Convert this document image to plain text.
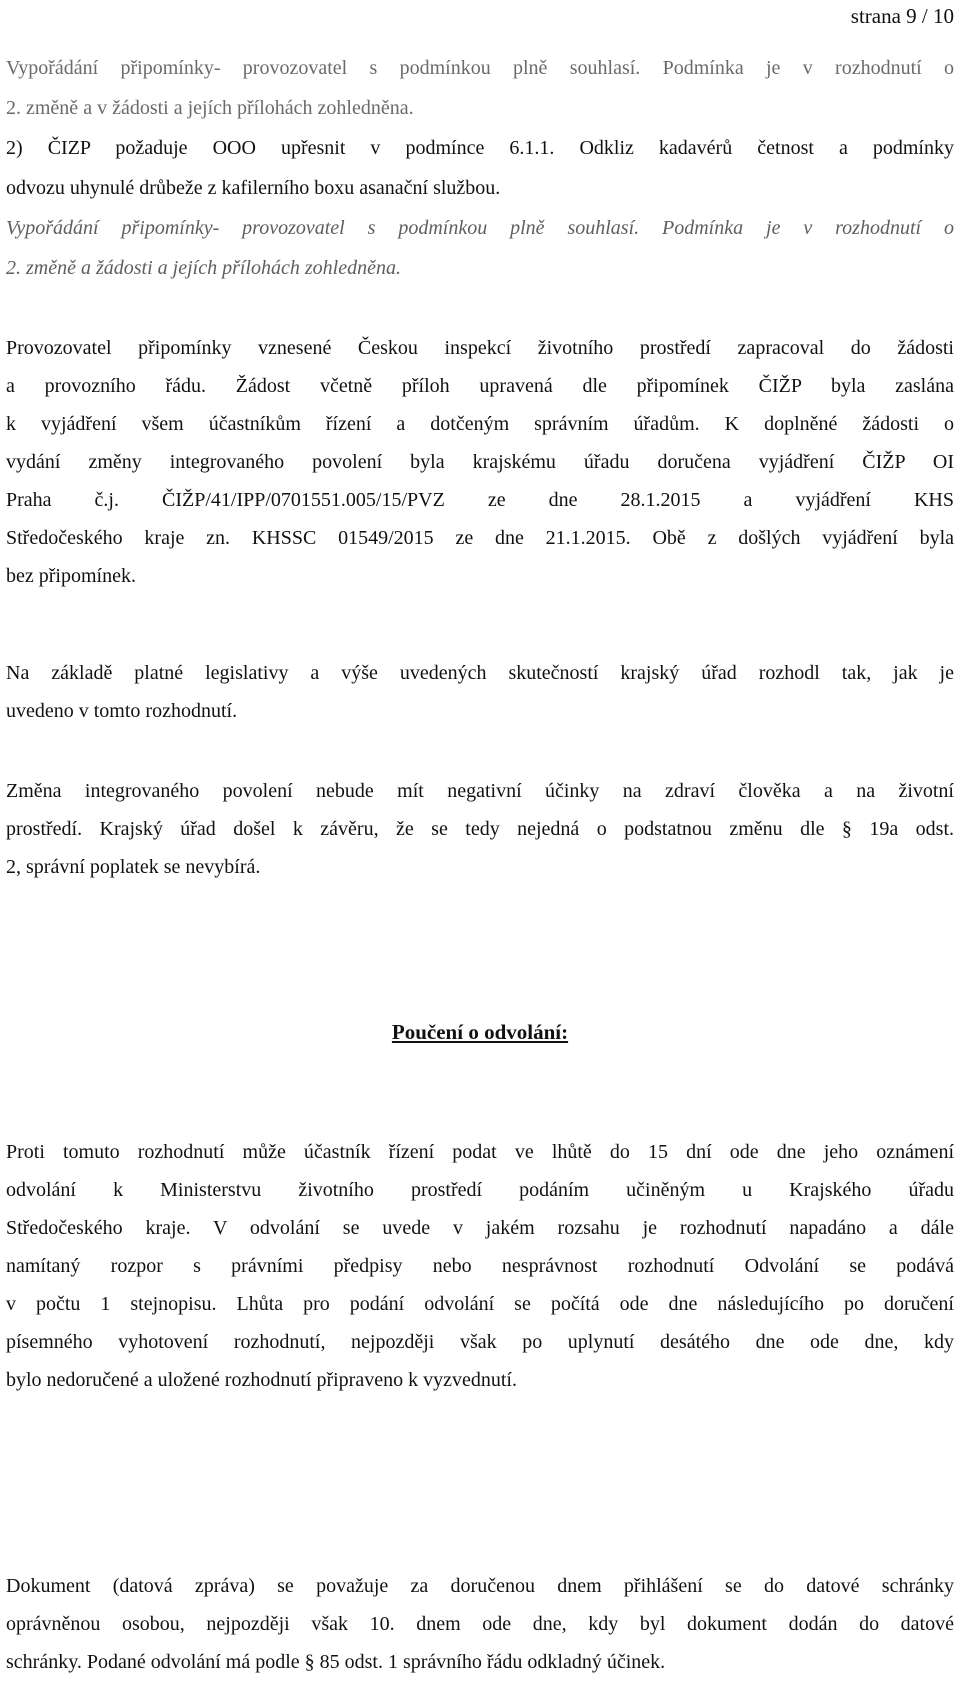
strana 9 / 10
Vypořádání připomínky- provozovatel s podmínkou plně souhlasí. Podmínka je v rozhodnutí o
2. změně a v žádosti a jejích přílohách zohledněna.
2) ČIZP požaduje OOO upřesnit v podmínce 6.1.1. Odkliz kadavérů četnost a podmínky
odvozu uhynulé drůbeže z kafilerního boxu asanační službou.
Vypořádání připomínky- provozovatel s podmínkou plně souhlasí. Podmínka je v rozhodnutí o
2. změně a žádosti a jejích přílohách zohledněna.
Provozovatel připomínky vznesené Českou inspekcí životního prostředí zapracoval do žádosti
a provozního řádu. Žádost včetně příloh upravená dle připomínek ČIŽP byla zaslána
k vyjádření všem účastníkům řízení a dotčeným správním úřadům. K doplněné žádosti o
vydání změny integrovaného povolení byla krajskému úřadu doručena vyjádření ČIŽP OI
Praha č.j. ČIŽP/41/IPP/0701551.005/15/PVZ ze dne 28.1.2015 a vyjádření KHS
Středočeského kraje zn. KHSSC 01549/2015 ze dne 21.1.2015. Obě z došlých vyjádření byla
bez připomínek.
Na základě platné legislativy a výše uvedených skutečností krajský úřad rozhodl tak, jak je
uvedeno v tomto rozhodnutí.
Změna integrovaného povolení nebude mít negativní účinky na zdraví člověka a na životní
prostředí. Krajský úřad došel k závěru, že se tedy nejedná o podstatnou změnu dle § 19a odst.
2, správní poplatek se nevybírá.
Poučení o odvolání:
Proti tomuto rozhodnutí může účastník řízení podat ve lhůtě do 15 dní ode dne jeho oznámení
odvolání k Ministerstvu životního prostředí podáním učiněným u Krajského úřadu
Středočeského kraje. V odvolání se uvede v jakém rozsahu je rozhodnutí napadáno a dále
namítaný rozpor s právními předpisy nebo nesprávnost rozhodnutí Odvolání se podává
v počtu 1 stejnopisu. Lhůta pro podání odvolání se počítá ode dne následujícího po doručení
písemného vyhotovení rozhodnutí, nejpozději však po uplynutí desátého dne ode dne, kdy
bylo nedoručené a uložené rozhodnutí připraveno k vyzvednutí.
Dokument (datová zpráva) se považuje za doručenou dnem přihlášení se do datové schránky
oprávněnou osobou, nejpozději však 10. dnem ode dne, kdy byl dokument dodán do datové
schránky. Podané odvolání má podle § 85 odst. 1 správního řádu odkladný účinek.
